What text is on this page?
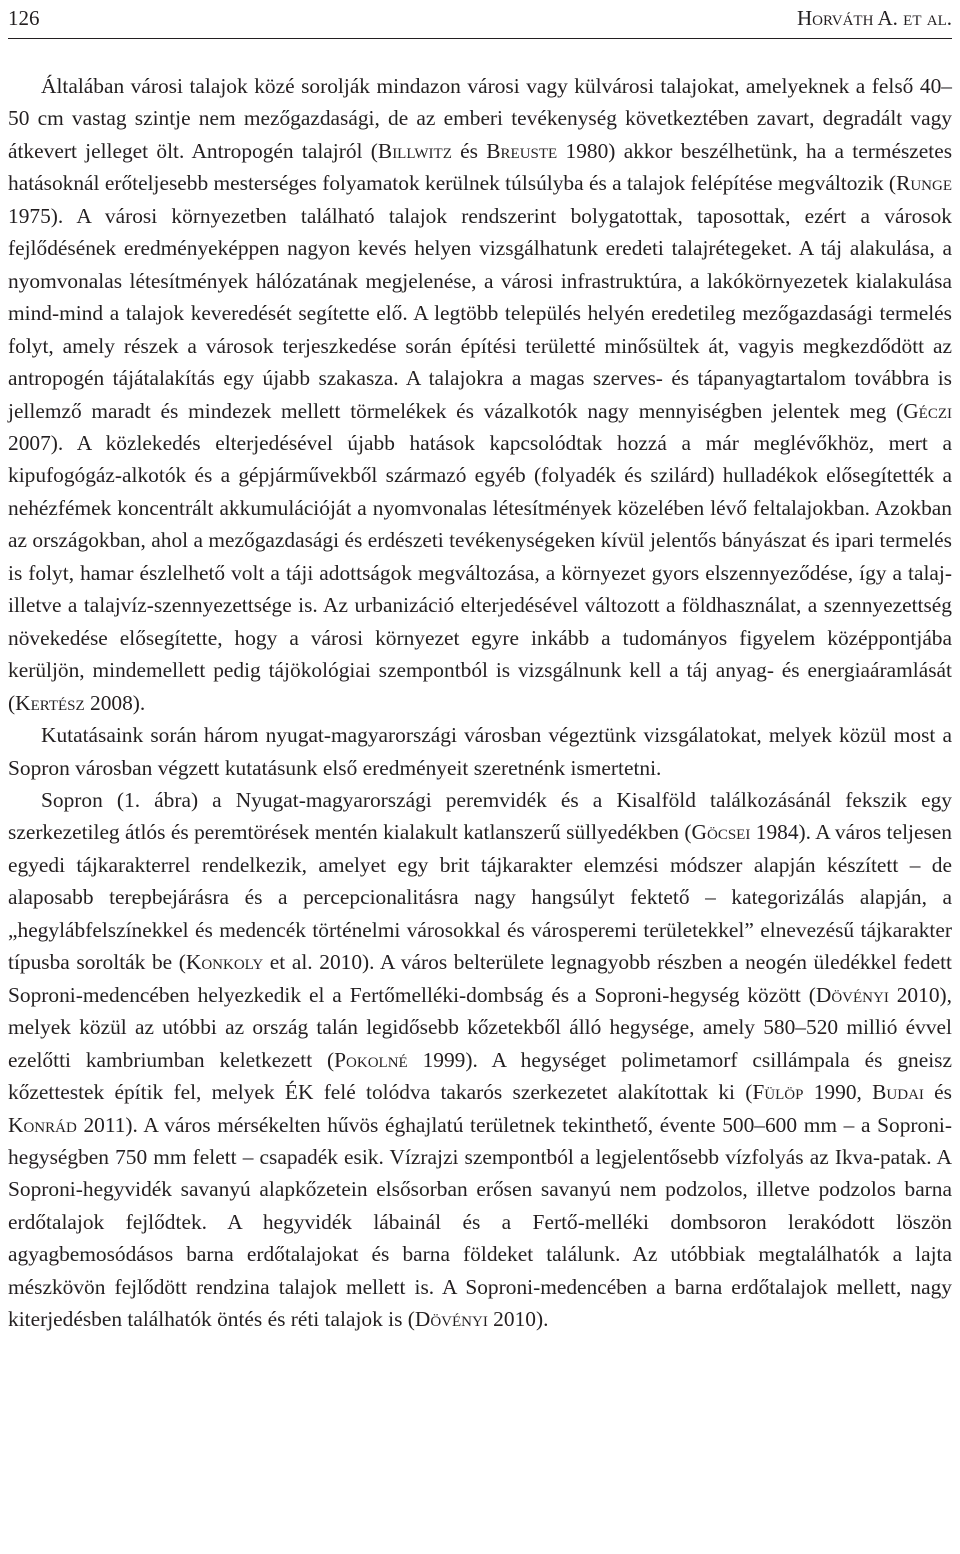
126	Horváth A. et al.

Általában városi talajok közé sorolják mindazon városi vagy külvárosi talajokat, amelyeknek a felső 40–50 cm vastag szintje nem mezőgazdasági, de az emberi tevékenység következtében zavart, degradált vagy átkevert jelleget ölt. Antropogén talajról (Billwitz és Breuste 1980) akkor beszélhetünk, ha a természetes hatásoknál erőteljesebb mesterséges folyamatok kerülnek túlsúlyba és a talajok felépítése megváltozik (Runge 1975). A városi környezetben található talajok rendszerint bolygatottak, taposottak, ezért a városok fejlődésének eredményeképpen nagyon kevés helyen vizsgálhatunk eredeti talajrétegeket. A táj alakulása, a nyomvonalas létesítmények hálózatának megjelenése, a városi infrastruktúra, a lakókörnyezetek kialakulása mind-mind a talajok keveredését segítette elő. A legtöbb település helyén eredetileg mezőgazdasági termelés folyt, amely részek a városok terjeszkedése során építési területté minősültek át, vagyis megkezdődött az antropogén tájátalakítás egy újabb szakasza. A talajokra a magas szerves- és tápanyagtartalom továbbra is jellemző maradt és mindezek mellett törmelékek és vázalkotók nagy mennyiségben jelentek meg (Géczi 2007). A közlekedés elterjedésével újabb hatások kapcsolódtak hozzá a már meglévőkhöz, mert a kipufogógáz-alkotók és a gépjárművekből származó egyéb (folyadék és szilárd) hulladékok elősegítették a nehézfémek koncentrált akkumulációját a nyomvonalas létesítmények közelében lévő feltalajokban. Azokban az országokban, ahol a mezőgazdasági és erdészeti tevékenységeken kívül jelentős bányászat és ipari termelés is folyt, hamar észlelhető volt a táji adottságok megváltozása, a környezet gyors elszennyeződése, így a talaj- illetve a talajvíz-szennyezettsége is. Az urbanizáció elterjedésével változott a földhasználat, a szennyezettség növekedése elősegítette, hogy a városi környezet egyre inkább a tudományos figyelem középpontjába kerüljön, mindemellett pedig tájökológiai szempontból is vizsgálnunk kell a táj anyag- és energiaáramlását (Kertész 2008).

Kutatásaink során három nyugat-magyarországi városban végeztünk vizsgálatokat, melyek közül most a Sopron városban végzett kutatásunk első eredményeit szeretnénk ismertetni.

Sopron (1. ábra) a Nyugat-magyarországi peremvidék és a Kisalföld találkozásánál fekszik egy szerkezetileg átlós és peremtörések mentén kialakult katlanszerű süllyedékben (Göcsei 1984). A város teljesen egyedi tájkarakterrel rendelkezik, amelyet egy brit tájkarakter elemzési módszer alapján készített – de alaposabb terepbejárásra és a percepcionalitásra nagy hangsúlyt fektető – kategorizálás alapján, a „hegylábfelszínekkel és medencék történelmi városokkal és városperemi területekkel” elnevezésű tájkarakter típusba sorolták be (Konkoly et al. 2010). A város belterülete legnagyobb részben a neogén üledékkel fedett Soproni-medencében helyezkedik el a Fertőmelléki-dombság és a Soproni-hegység között (Dövényi 2010), melyek közül az utóbbi az ország talán legidősebb kőzetekből álló hegysége, amely 580–520 millió évvel ezelőtti kambriumban keletkezett (Pokolné 1999). A hegységet polimetamorf csillámpala és gneisz kőzettestek építik fel, melyek ÉK felé tolódva takarós szerkezetet alakítottak ki (Fülöp 1990, Budai és Konrád 2011). A város mérsékelten hűvös éghajlatú területnek tekinthető, évente 500–600 mm – a Soproni-hegységben 750 mm felett – csapadék esik. Vízrajzi szempontból a legjelentősebb vízfolyás az Ikva-patak. A Soproni-hegyvidék savanyú alapkőzetein elsősorban erősen savanyú nem podzolos, illetve podzolos barna erdőtalajok fejlődtek. A hegyvidék lábainál és a Fertő-melléki dombsoron lerakódott löszön agyagbemosódásos barna erdőtalajokat és barna földeket találunk. Az utóbbiak megtalálhatók a lajta mészkövön fejlődött rendzina talajok mellett is. A Soproni-medencében a barna erdőtalajok mellett, nagy kiterjedésben találhatók öntés és réti talajok is (Dövényi 2010).
